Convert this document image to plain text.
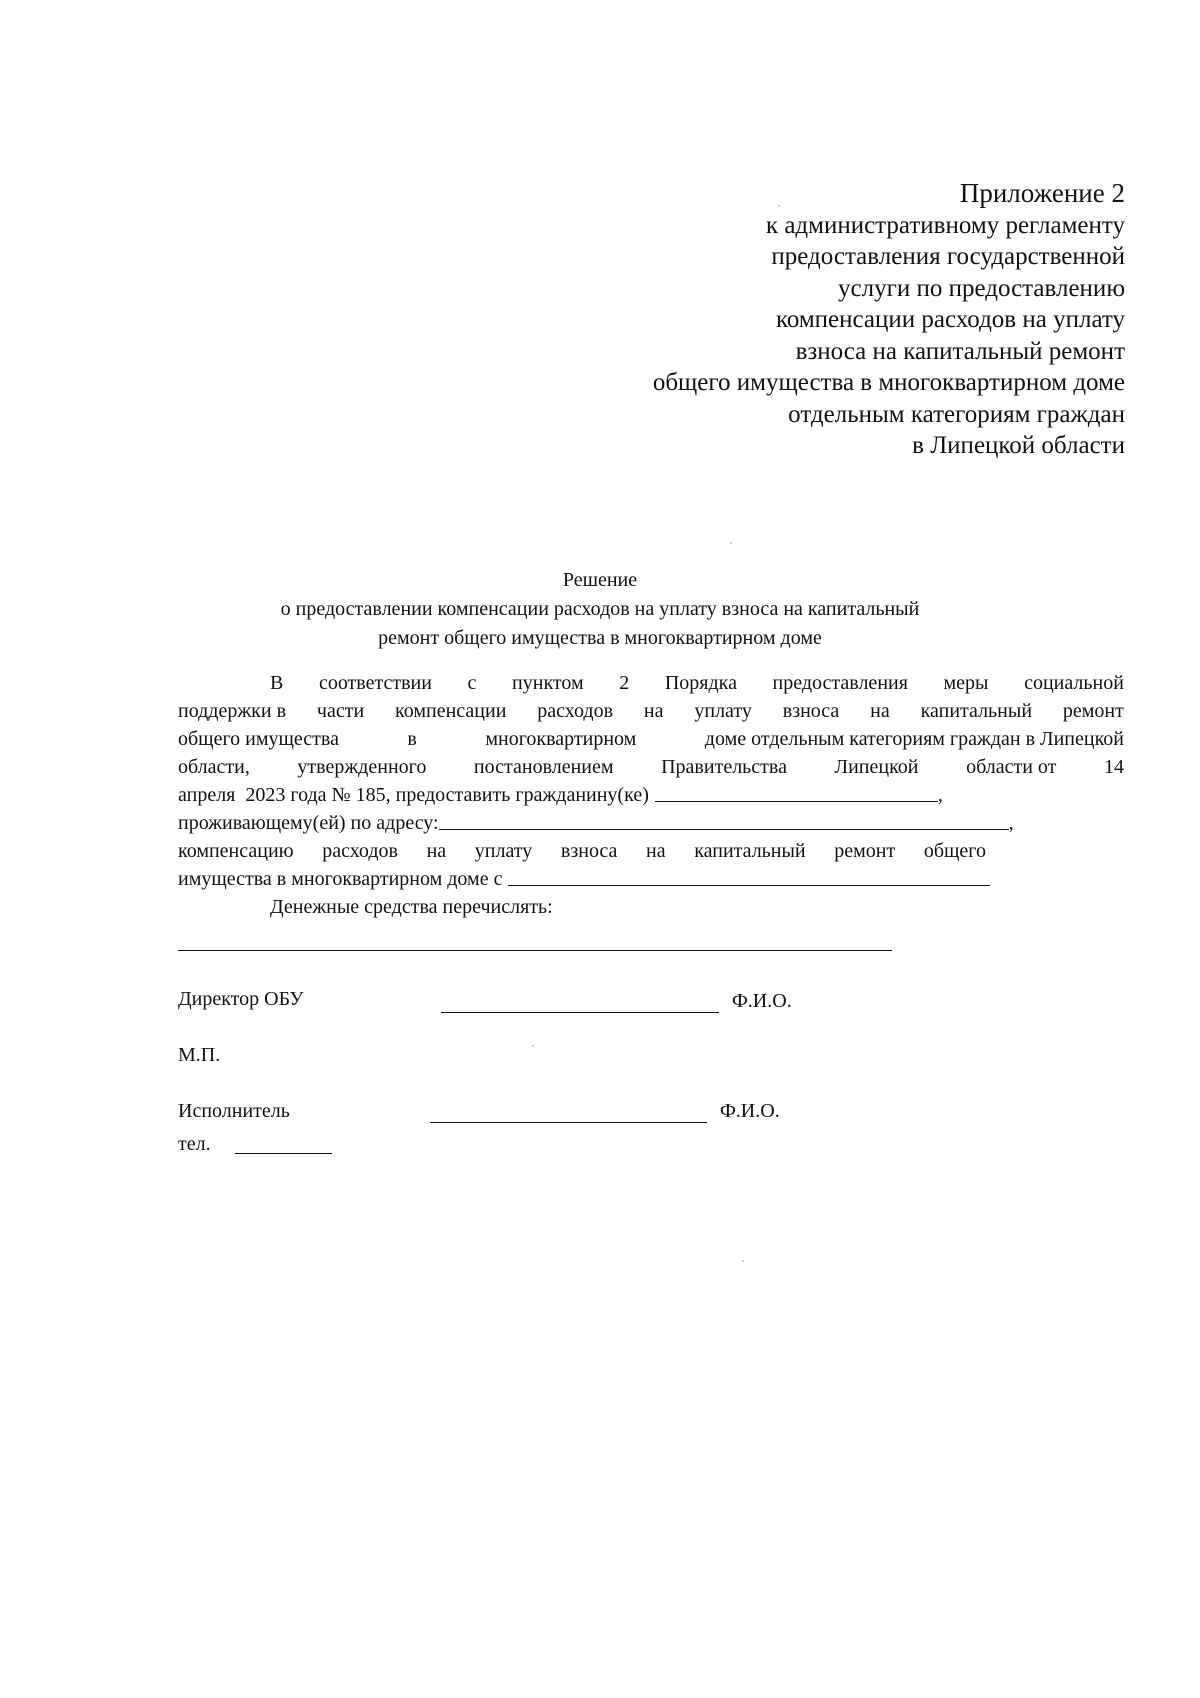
Приложение 2
к административному регламенту
предоставления государственной
услуги по предоставлению
компенсации расходов на уплату
взноса на капитальный ремонт
общего имущества в многоквартирном доме
отдельным категориям граждан
в Липецкой области
Решение
о предоставлении компенсации расходов на уплату взноса на капитальный
ремонт общего имущества в многоквартирном доме
В соответствии с пунктом 2 Порядка предоставления меры социальной
поддержки в части компенсации расходов на уплату взноса на капитальный ремонт
общего имущества	в	многоквартирном	доме отдельным категориям граждан в Липецкой
области, утвержденного постановлением Правительства Липецкой области от 14
апреля  2023 года № 185, предоставить гражданину(ке)	,
проживающему(ей) по адресу:	,
компенсацию расходов на уплату взноса на капитальный ремонт общего
имущества в многоквартирном доме с
Денежные средства перечислять:
Директор ОБУ	Ф.И.О.
М.П.
Исполнитель	Ф.И.О.
тел.
